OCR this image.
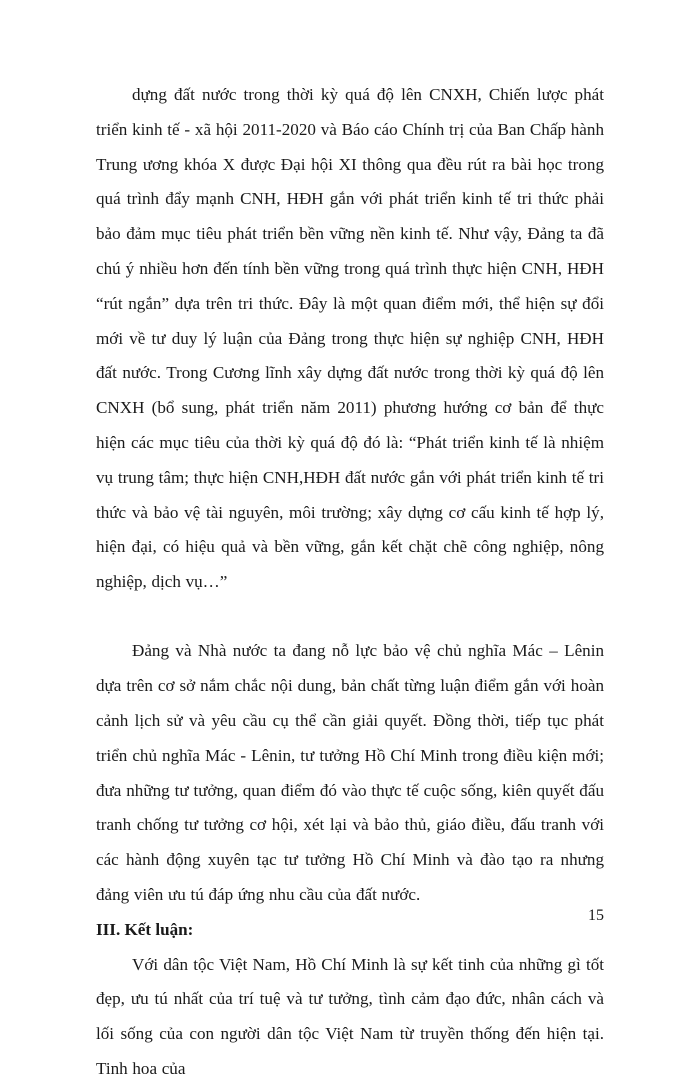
dựng đất nước trong thời kỳ quá độ lên CNXH, Chiến lược phát triển kinh tế - xã hội 2011-2020 và Báo cáo Chính trị của Ban Chấp hành Trung ương khóa X được Đại hội XI thông qua đều rút ra bài học trong quá trình đẩy mạnh CNH, HĐH gắn với phát triển kinh tế tri thức phải bảo đảm mục tiêu phát triển bền vững nền kinh tế. Như vậy, Đảng ta đã chú ý nhiều hơn đến tính bền vững trong quá trình thực hiện CNH, HĐH “rút ngắn” dựa trên tri thức. Đây là một quan điểm mới, thể hiện sự đổi mới về tư duy lý luận của Đảng trong thực hiện sự nghiệp CNH, HĐH đất nước. Trong Cương lĩnh xây dựng đất nước trong thời kỳ quá độ lên CNXH (bổ sung, phát triển năm 2011) phương hướng cơ bản để thực hiện các mục tiêu của thời kỳ quá độ đó là: “Phát triển kinh tế là nhiệm vụ trung tâm; thực hiện CNH,HĐH đất nước gắn với phát triển kinh tế tri thức và bảo vệ tài nguyên, môi trường; xây dựng cơ cấu kinh tế hợp lý, hiện đại, có hiệu quả và bền vững, gắn kết chặt chẽ công nghiệp, nông nghiệp, dịch vụ…”

Đảng và Nhà nước ta đang nỗ lực bảo vệ chủ nghĩa Mác – Lênin dựa trên cơ sở nắm chắc nội dung, bản chất từng luận điểm gắn với hoàn cảnh lịch sử và yêu cầu cụ thể cần giải quyết. Đồng thời, tiếp tục phát triển chủ nghĩa Mác - Lênin, tư tưởng Hồ Chí Minh trong điều kiện mới; đưa những tư tưởng, quan điểm đó vào thực tế cuộc sống, kiên quyết đấu tranh chống tư tưởng cơ hội, xét lại và bảo thủ, giáo điều, đấu tranh với các hành động xuyên tạc tư tưởng Hồ Chí Minh và đào tạo ra nhưng đảng viên ưu tú đáp ứng nhu cầu của đất nước.

III. Kết luận:

Với dân tộc Việt Nam, Hồ Chí Minh là sự kết tinh của những gì tốt đẹp, ưu tú nhất của trí tuệ và tư tưởng, tình cảm đạo đức, nhân cách và lối sống của con người dân tộc Việt Nam từ truyền thống đến hiện tại. Tinh hoa của

15
